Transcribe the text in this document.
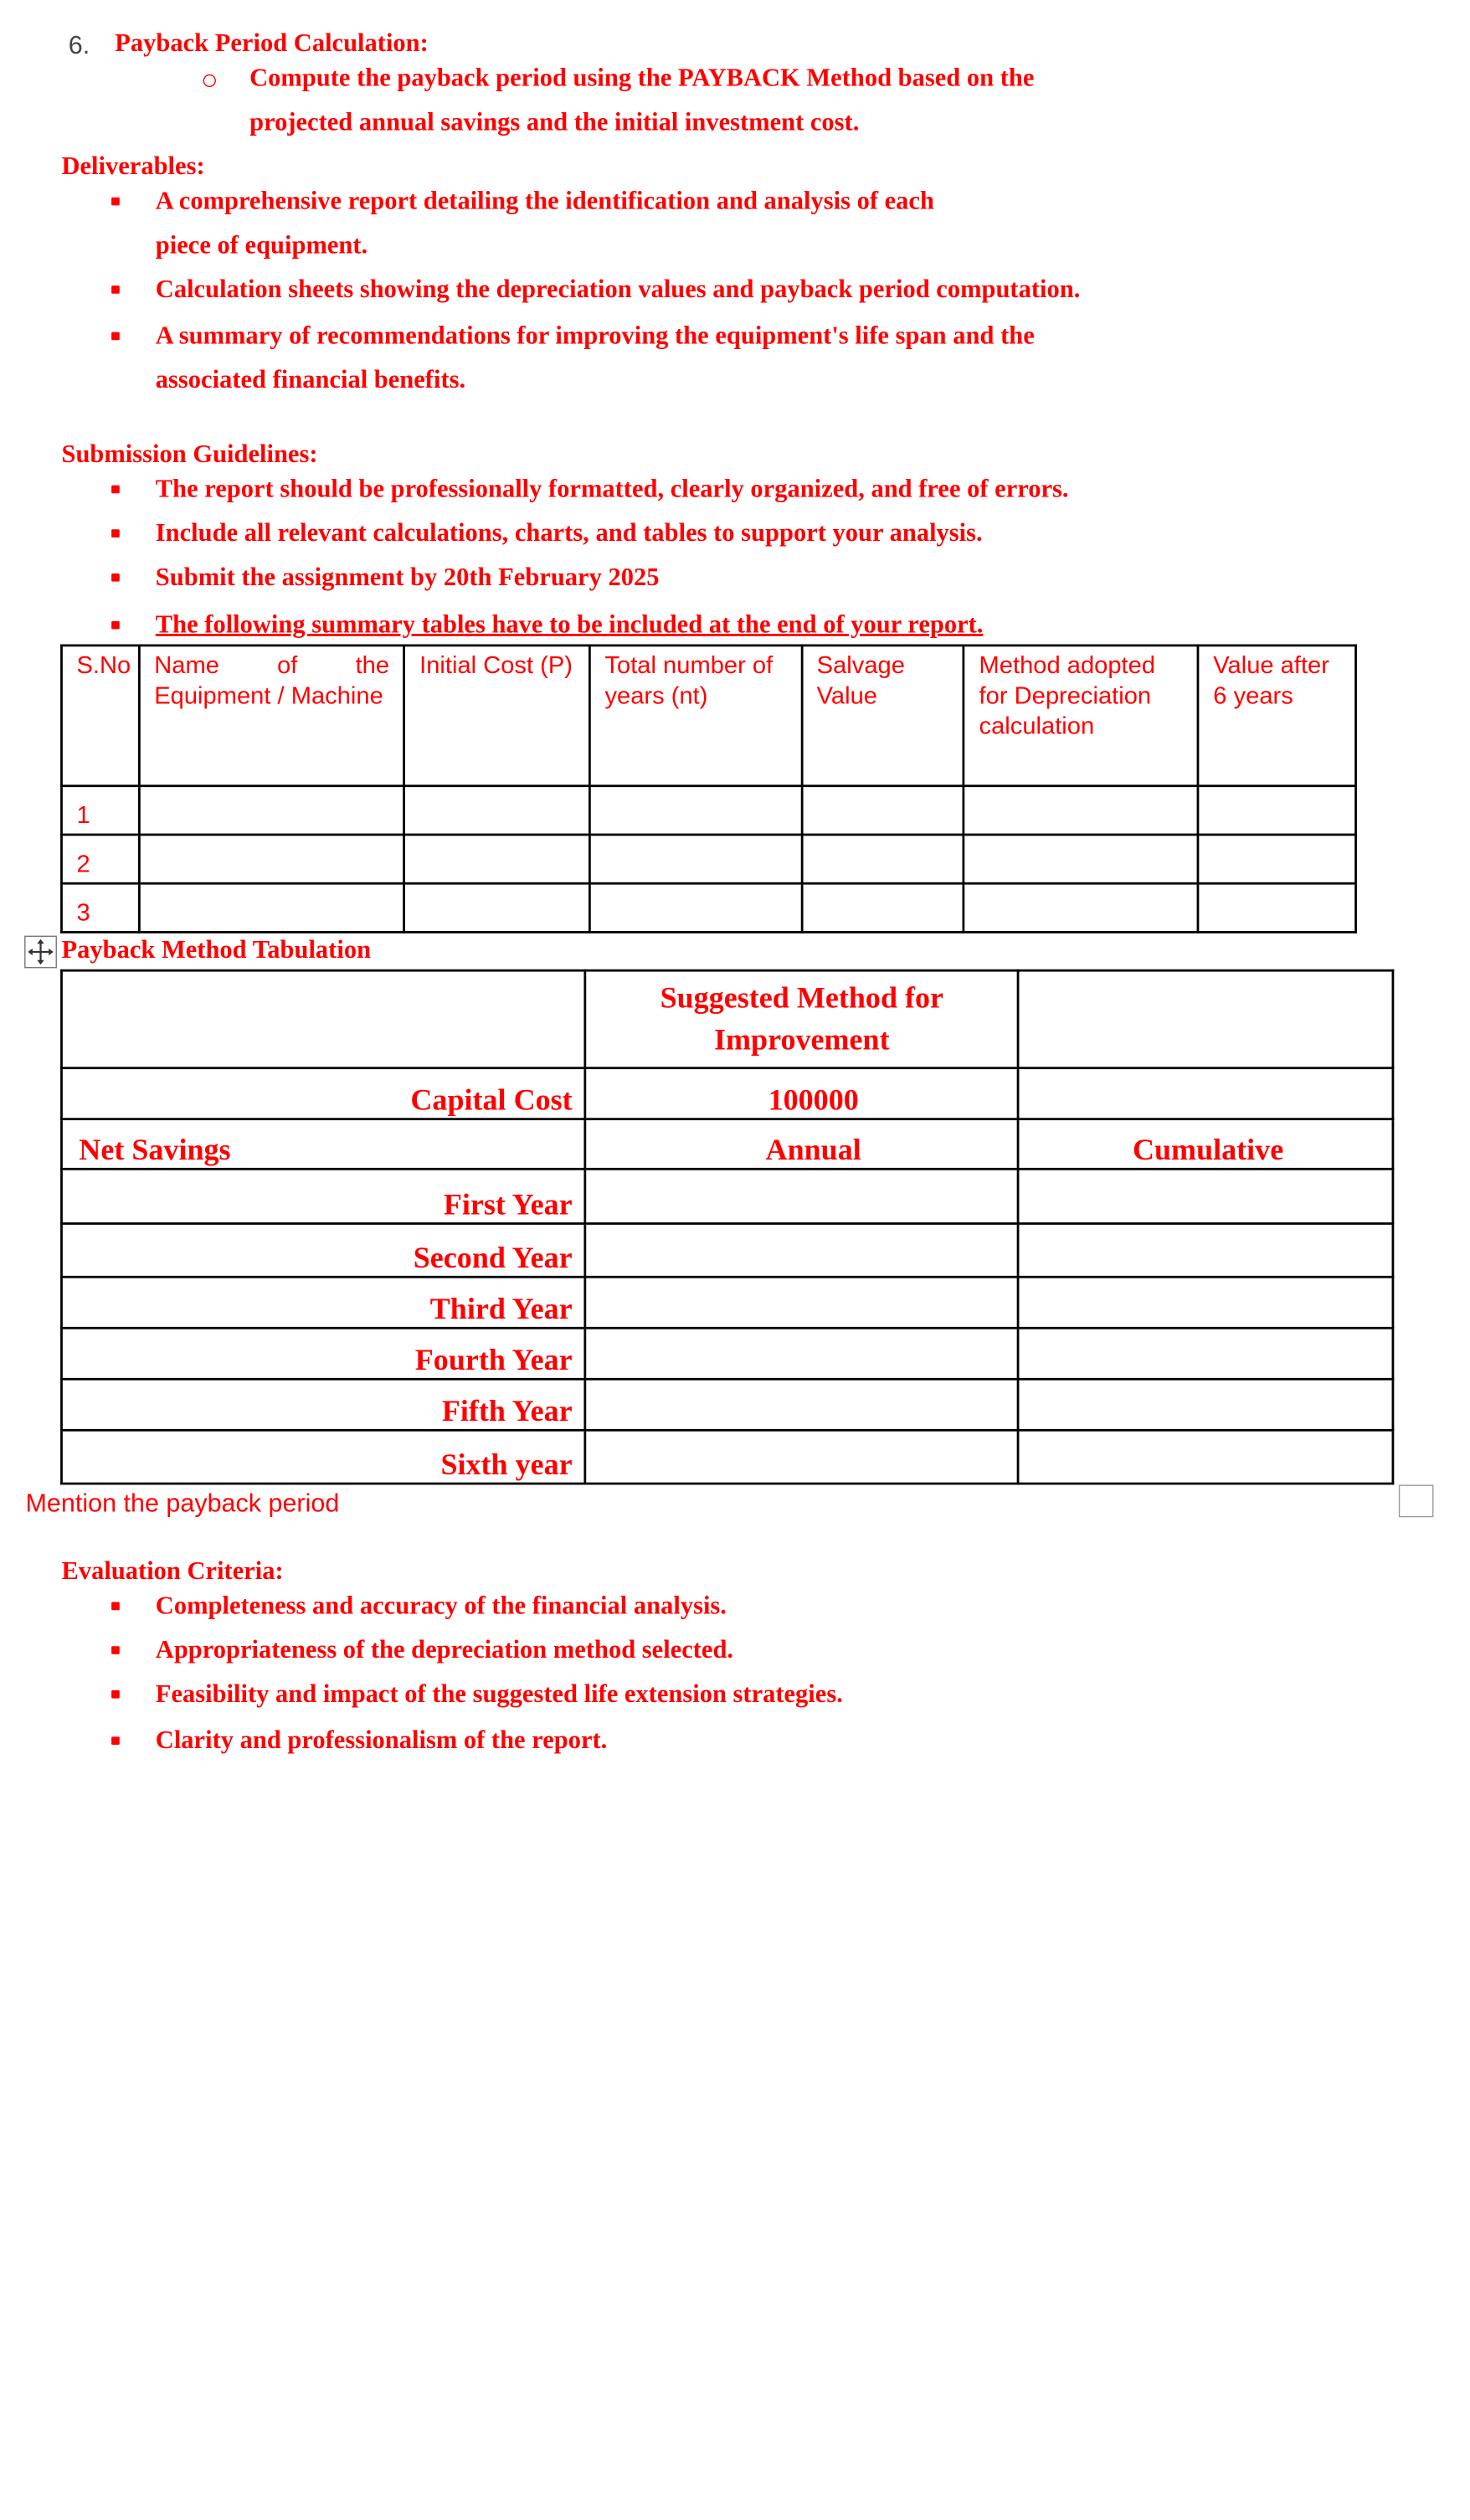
6. Payback Period Calculation:
Compute the payback period using the PAYBACK Method based on the
projected annual savings and the initial investment cost.
Deliverables:
A comprehensive report detailing the identification and analysis of each
piece of equipment.
Calculation sheets showing the depreciation values and payback period computation.
A summary of recommendations for improving the equipment's life span and the
associated financial benefits.
Submission Guidelines:
The report should be professionally formatted, clearly organized, and free of errors.
Include all relevant calculations, charts, and tables to support your analysis.
Submit the assignment by 20th February 2025
The following summary tables have to be included at the end of your report.
S.No	Name of the Equipment / Machine	Initial Cost (P)	Total number of years (nt)	Salvage Value	Method adopted for Depreciation calculation	Value after 6 years
1						
2						
3						
Payback Method Tabulation
	Suggested Method for Improvement	
Capital Cost	100000	
Net Savings	Annual	Cumulative
First Year		
Second Year		
Third Year		
Fourth Year		
Fifth Year		
Sixth year		
Mention the payback period
Evaluation Criteria:
Completeness and accuracy of the financial analysis.
Appropriateness of the depreciation method selected.
Feasibility and impact of the suggested life extension strategies.
Clarity and professionalism of the report.
